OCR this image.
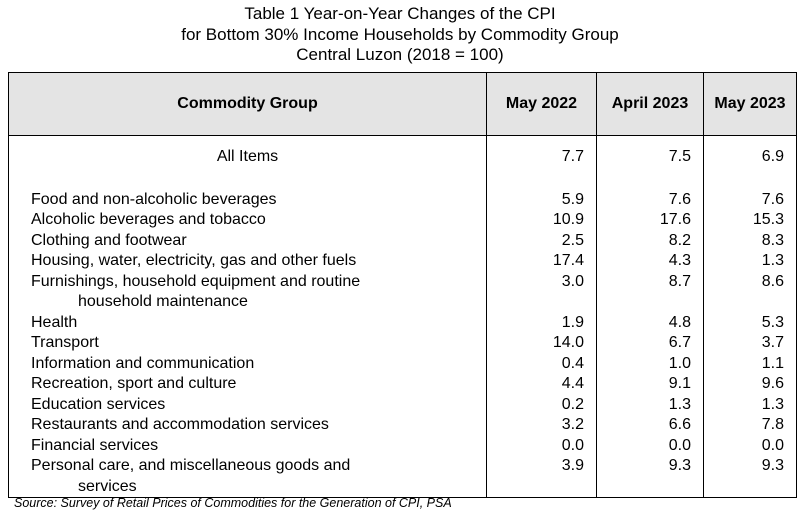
Table 1 Year-on-Year Changes of the CPI
for Bottom 30% Income Households by Commodity Group
Central Luzon (2018 = 100)
Commodity Group	May 2022	April 2023	May 2023
All Items	7.7	7.5	6.9
Food and non-alcoholic beverages	5.9	7.6	7.6
Alcoholic beverages and tobacco	10.9	17.6	15.3
Clothing and footwear	2.5	8.2	8.3
Housing, water, electricity, gas and other fuels	17.4	4.3	1.3
Furnishings, household equipment and routine
household maintenance	3.0	8.7	8.6
Health	1.9	4.8	5.3
Transport	14.0	6.7	3.7
Information and communication	0.4	1.0	1.1
Recreation, sport and culture	4.4	9.1	9.6
Education services	0.2	1.3	1.3
Restaurants and accommodation services	3.2	6.6	7.8
Financial services	0.0	0.0	0.0
Personal care, and miscellaneous goods and
services	3.9	9.3	9.3
Source: Survey of Retail Prices of Commodities for the Generation of CPI, PSA
